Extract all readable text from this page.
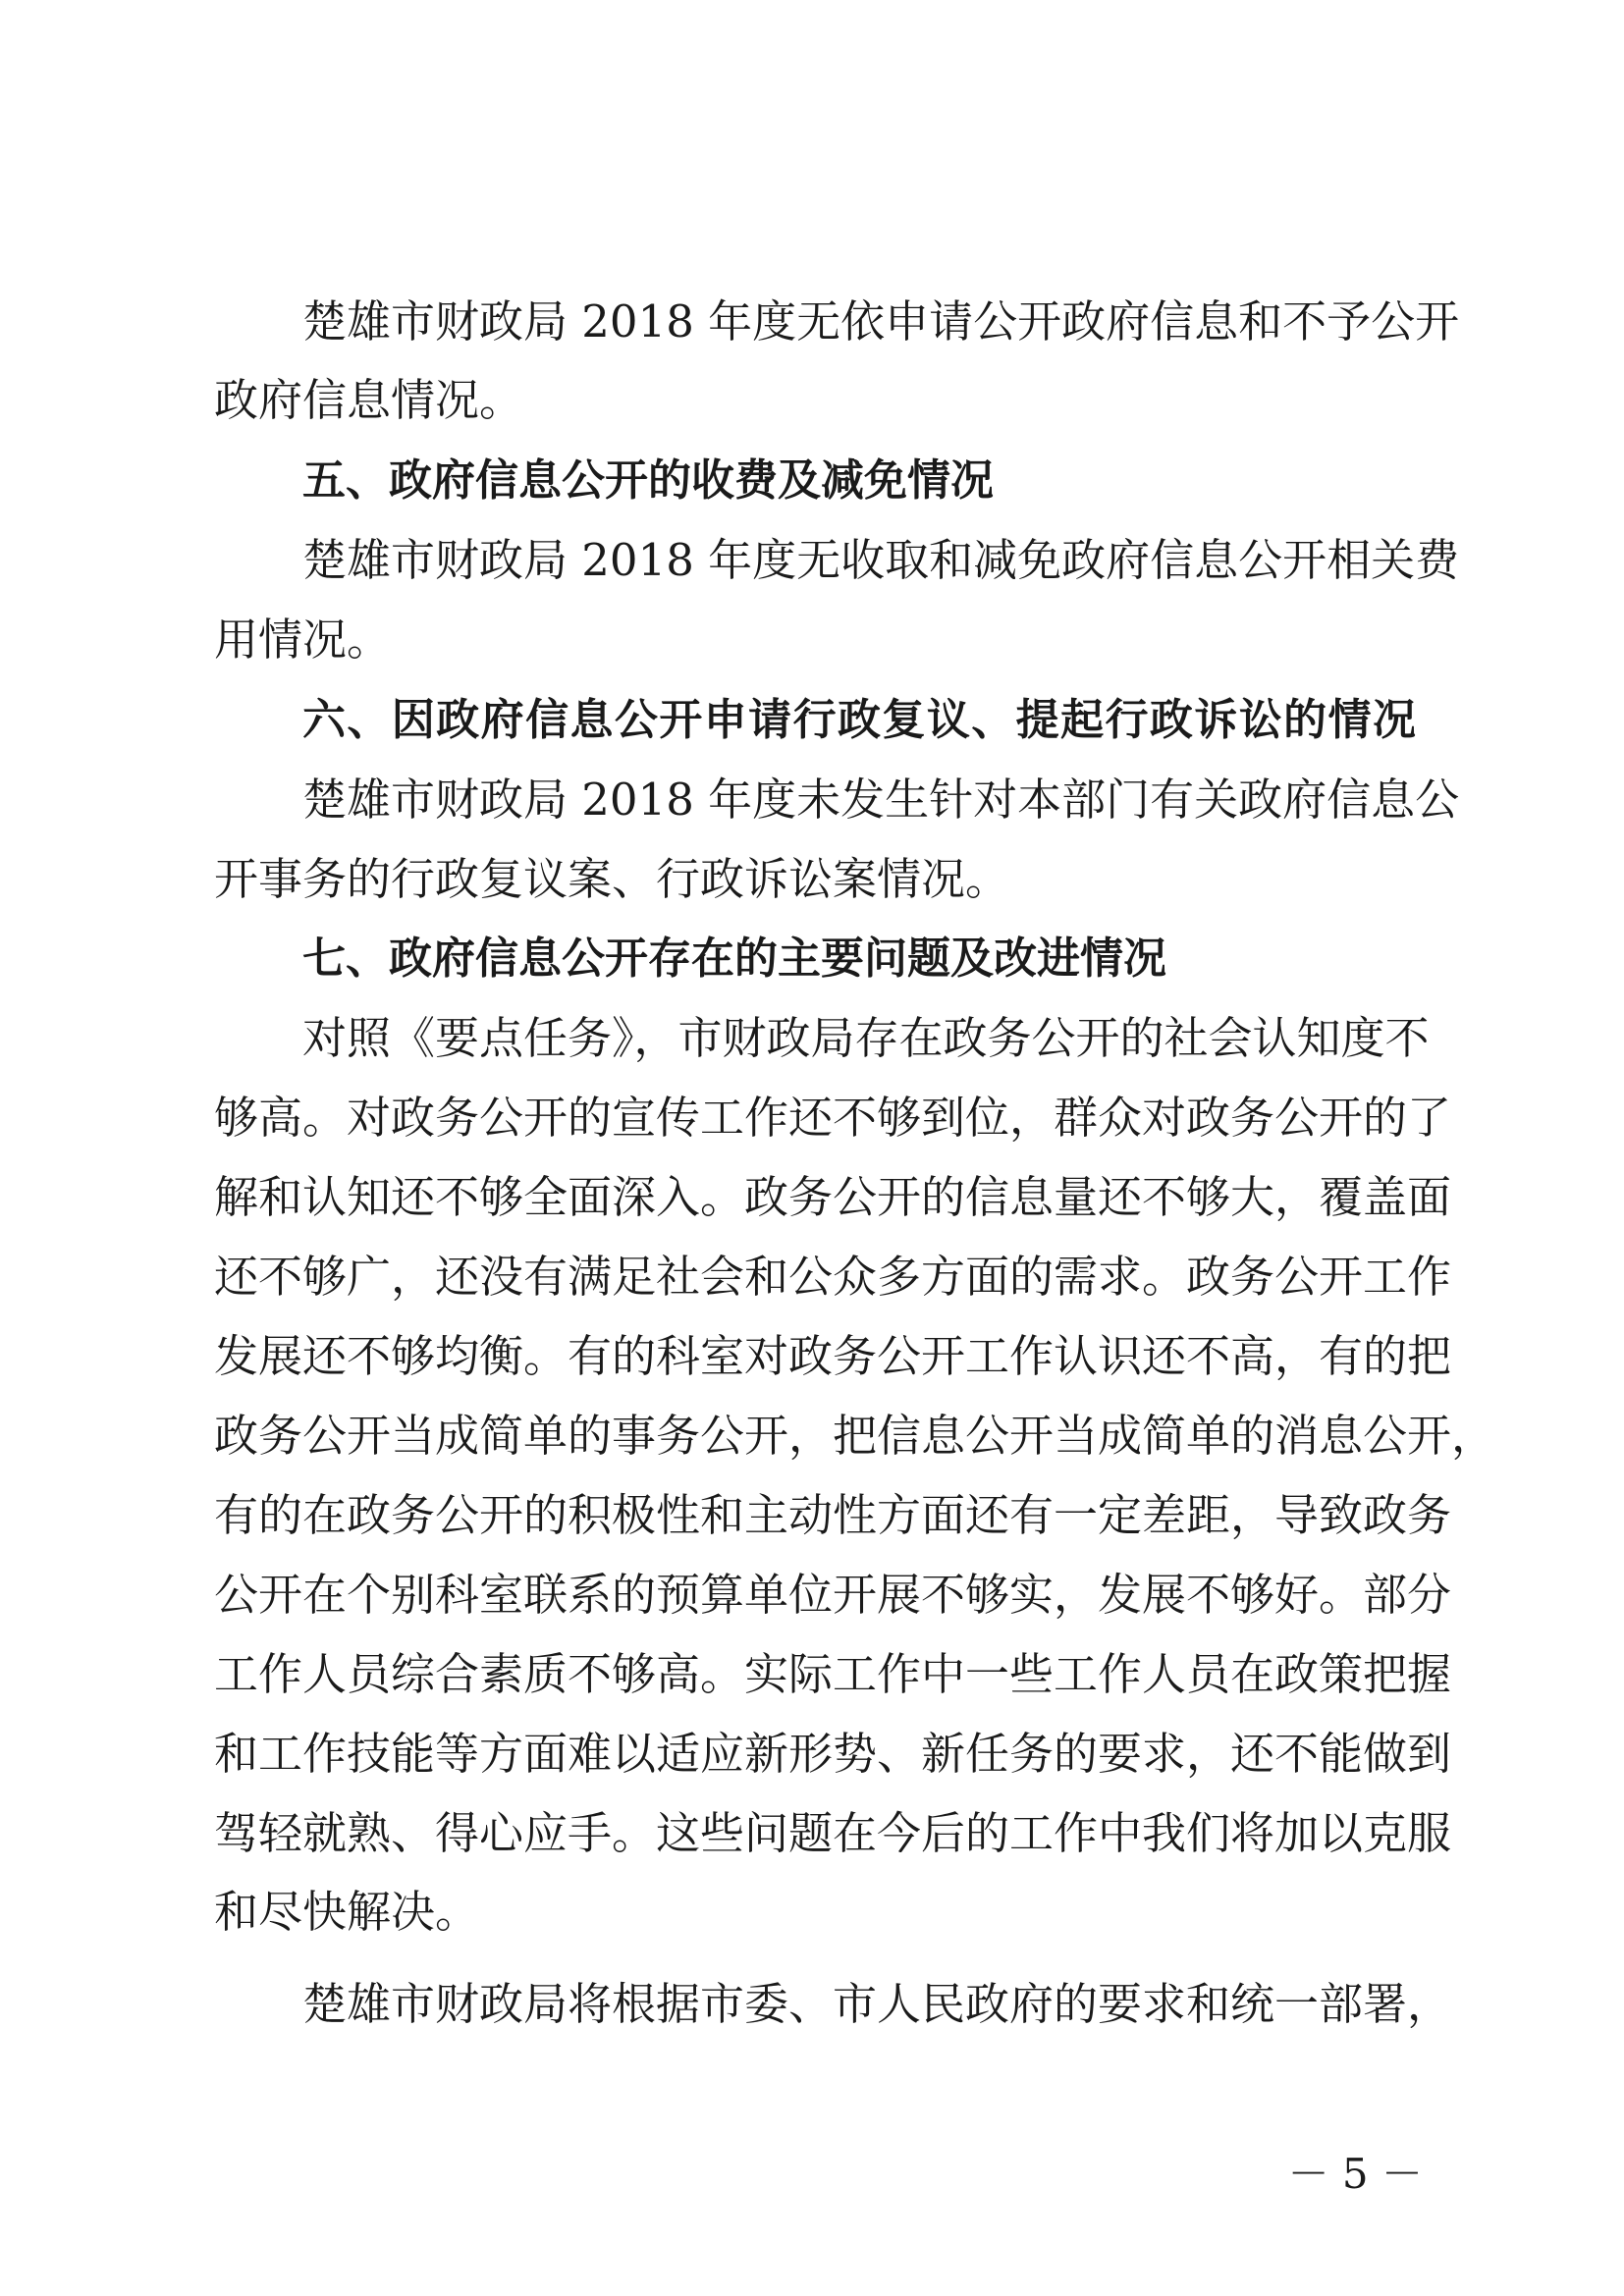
楚雄市财政局 2018 年度无依申请公开政府信息和不予公开
政府信息情况。
五、政府信息公开的收费及减免情况
楚雄市财政局 2018 年度无收取和减免政府信息公开相关费
用情况。
六、因政府信息公开申请行政复议、提起行政诉讼的情况
楚雄市财政局 2018 年度未发生针对本部门有关政府信息公
开事务的行政复议案、行政诉讼案情况。
七、政府信息公开存在的主要问题及改进情况
对照《要点任务》，市财政局存在政务公开的社会认知度不
够高。对政务公开的宣传工作还不够到位，群众对政务公开的了
解和认知还不够全面深入。政务公开的信息量还不够大，覆盖面
还不够广，还没有满足社会和公众多方面的需求。政务公开工作
发展还不够均衡。有的科室对政务公开工作认识还不高，有的把
政务公开当成简单的事务公开，把信息公开当成简单的消息公开，
有的在政务公开的积极性和主动性方面还有一定差距，导致政务
公开在个别科室联系的预算单位开展不够实，发展不够好。部分
工作人员综合素质不够高。实际工作中一些工作人员在政策把握
和工作技能等方面难以适应新形势、新任务的要求，还不能做到
驾轻就熟、得心应手。这些问题在今后的工作中我们将加以克服
和尽快解决。
楚雄市财政局将根据市委、市人民政府的要求和统一部署，
－ 5 －
